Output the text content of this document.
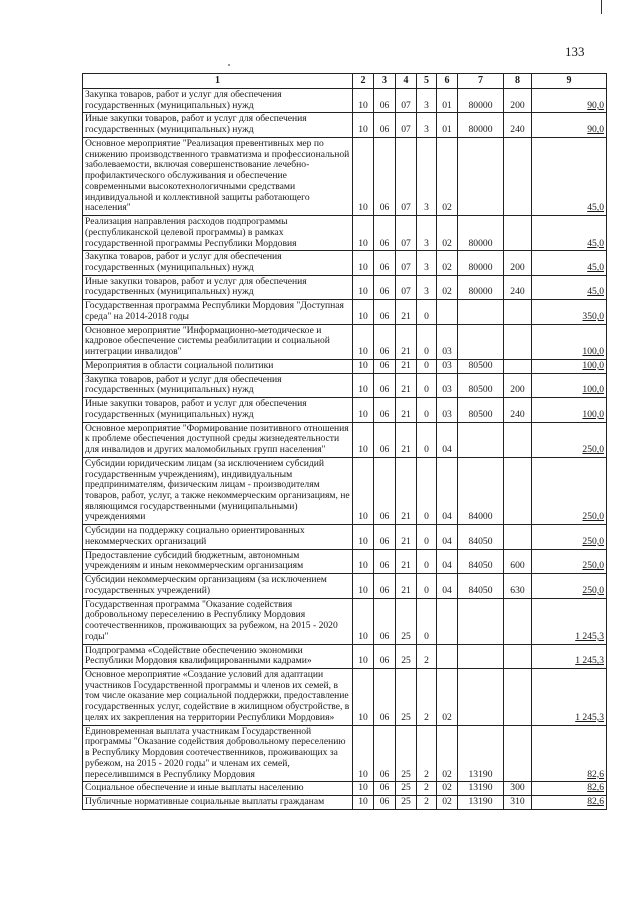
133
1	2	3	4	5	6	7	8	9
Закупка товаров, работ и услуг для обеспечения государственных (муниципальных) нужд	10	06	07	3	01	80000	200	90,0
Иные закупки товаров, работ и услуг для обеспечения государственных (муниципальных) нужд	10	06	07	3	01	80000	240	90,0
Основное мероприятие "Реализация превентивных мер по снижению производственного травматизма и профессиональной заболеваемости, включая совершенствование лечебно-профилактического обслуживания и обеспечение современными высокотехнологичными средствами индивидуальной и коллективной защиты работающего населения"	10	06	07	3	02			45,0
Реализация направления расходов подпрограммы (республиканской целевой программы) в рамках государственной программы Республики Мордовия	10	06	07	3	02	80000		45,0
Закупка товаров, работ и услуг для обеспечения государственных (муниципальных) нужд	10	06	07	3	02	80000	200	45,0
Иные закупки товаров, работ и услуг для обеспечения государственных (муниципальных) нужд	10	06	07	3	02	80000	240	45,0
Государственная программа Республики Мордовия "Доступная среда" на 2014-2018 годы	10	06	21	0				350,0
Основное мероприятие "Информационно-методическое и кадровое обеспечение системы реабилитации и социальной интеграции инвалидов"	10	06	21	0	03			100,0
Мероприятия в области социальной политики	10	06	21	0	03	80500		100,0
Закупка товаров, работ и услуг для обеспечения государственных (муниципальных) нужд	10	06	21	0	03	80500	200	100,0
Иные закупки товаров, работ и услуг для обеспечения государственных (муниципальных) нужд	10	06	21	0	03	80500	240	100,0
Основное мероприятие "Формирование позитивного отношения к проблеме обеспечения доступной среды жизнедеятельности для инвалидов и других маломобильных групп населения"	10	06	21	0	04			250,0
Субсидии юридическим лицам (за исключением субсидий государственным учреждениям), индивидуальным предпринимателям, физическим лицам - производителям товаров, работ, услуг, а также некоммерческим организациям, не являющимся государственными (муниципальными) учреждениями	10	06	21	0	04	84000		250,0
Субсидии на поддержку социально ориентированных некоммерческих организаций	10	06	21	0	04	84050		250,0
Предоставление субсидий бюджетным, автономным учреждениям и иным некоммерческим организациям	10	06	21	0	04	84050	600	250,0
Субсидии некоммерческим организациям (за исключением государственных учреждений)	10	06	21	0	04	84050	630	250,0
Государственная программа "Оказание содействия добровольному переселению в Республику Мордовия соотечественников, проживающих за рубежом, на 2015 - 2020 годы"	10	06	25	0				1 245,3
Подпрограмма «Содействие обеспечению экономики Республики Мордовия квалифицированными кадрами»	10	06	25	2				1 245,3
Основное мероприятие «Создание условий для адаптации участников Государственной программы и членов их семей, в том числе оказание мер социальной поддержки, предоставление государственных услуг, содействие в жилищном обустройстве, в целях их закрепления на территории Республики Мордовия»	10	06	25	2	02			1 245,3
Единовременная выплата участникам Государственной программы "Оказание содействия добровольному переселению в Республику Мордовия соотечественников, проживающих за рубежом, на 2015 - 2020 годы" и членам их семей, переселившимся в Республику Мордовия	10	06	25	2	02	13190		82,6
Социальное обеспечение и иные выплаты населению	10	06	25	2	02	13190	300	82,6
Публичные нормативные социальные выплаты гражданам	10	06	25	2	02	13190	310	82,6
